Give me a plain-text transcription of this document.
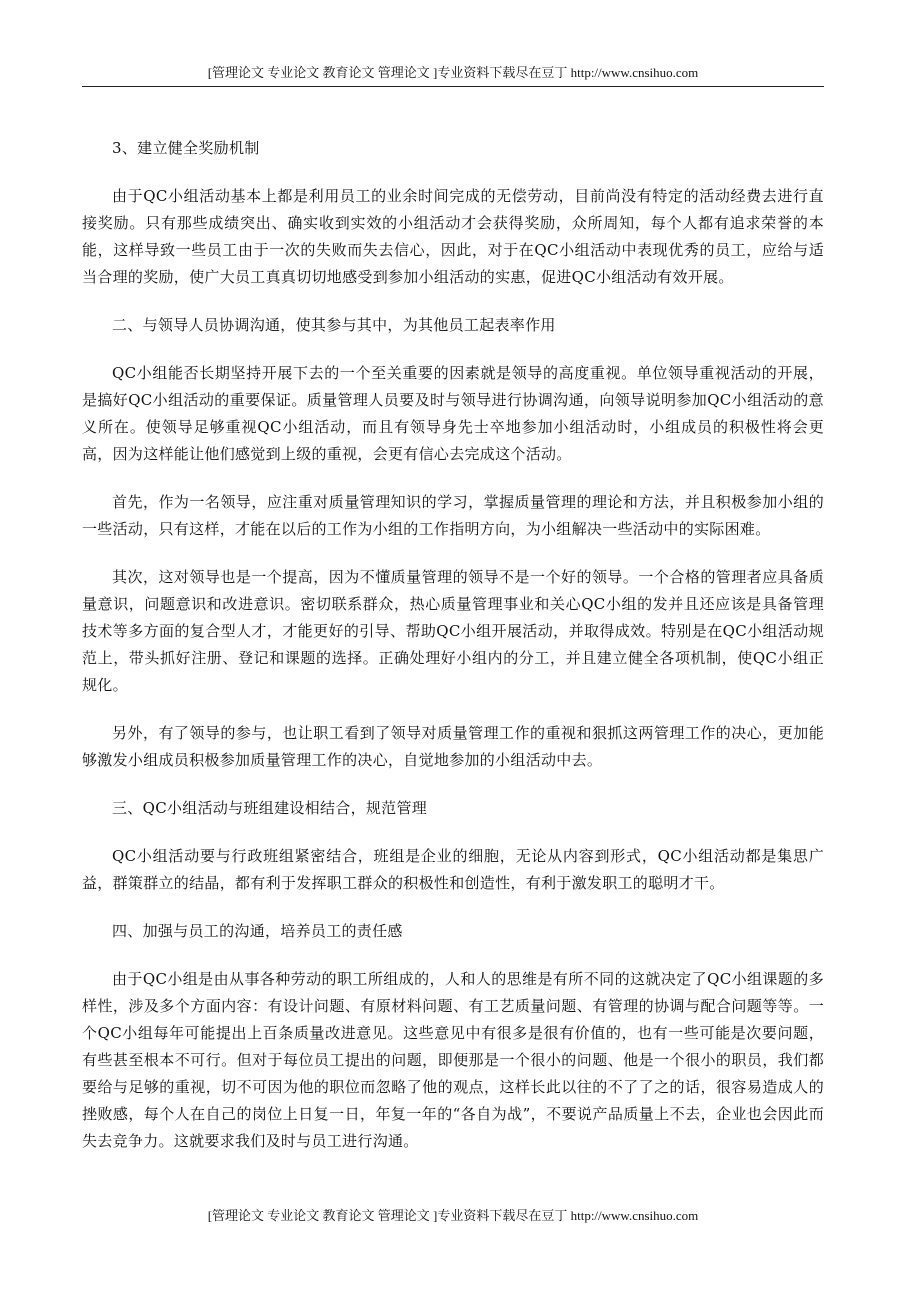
[管理论文 专业论文 教育论文 管理论文 ]专业资料下载尽在豆丁 http://www.cnsihuo.com

3、建立健全奖励机制

由于QC小组活动基本上都是利用员工的业余时间完成的无偿劳动，目前尚没有特定的活动经费去进行直接奖励。只有那些成绩突出、确实收到实效的小组活动才会获得奖励，众所周知，每个人都有追求荣誉的本能，这样导致一些员工由于一次的失败而失去信心，因此，对于在QC小组活动中表现优秀的员工，应给与适当合理的奖励，使广大员工真真切切地感受到参加小组活动的实惠，促进QC小组活动有效开展。

二、与领导人员协调沟通，使其参与其中，为其他员工起表率作用

QC小组能否长期坚持开展下去的一个至关重要的因素就是领导的高度重视。单位领导重视活动的开展，是搞好QC小组活动的重要保证。质量管理人员要及时与领导进行协调沟通，向领导说明参加QC小组活动的意义所在。使领导足够重视QC小组活动，而且有领导身先士卒地参加小组活动时，小组成员的积极性将会更高，因为这样能让他们感觉到上级的重视，会更有信心去完成这个活动。

首先，作为一名领导，应注重对质量管理知识的学习，掌握质量管理的理论和方法，并且积极参加小组的一些活动，只有这样，才能在以后的工作为小组的工作指明方向，为小组解决一些活动中的实际困难。

其次，这对领导也是一个提高，因为不懂质量管理的领导不是一个好的领导。一个合格的管理者应具备质量意识，问题意识和改进意识。密切联系群众，热心质量管理事业和关心QC小组的发并且还应该是具备管理技术等多方面的复合型人才，才能更好的引导、帮助QC小组开展活动，并取得成效。特别是在QC小组活动规范上，带头抓好注册、登记和课题的选择。正确处理好小组内的分工，并且建立健全各项机制，使QC小组正规化。

另外，有了领导的参与，也让职工看到了领导对质量管理工作的重视和狠抓这两管理工作的决心，更加能够激发小组成员积极参加质量管理工作的决心，自觉地参加的小组活动中去。

三、QC小组活动与班组建设相结合，规范管理

QC小组活动要与行政班组紧密结合，班组是企业的细胞，无论从内容到形式，QC小组活动都是集思广益，群策群立的结晶，都有利于发挥职工群众的积极性和创造性，有利于激发职工的聪明才干。

四、加强与员工的沟通，培养员工的责任感

由于QC小组是由从事各种劳动的职工所组成的，人和人的思维是有所不同的这就决定了QC小组课题的多样性，涉及多个方面内容：有设计问题、有原材料问题、有工艺质量问题、有管理的协调与配合问题等等。一个QC小组每年可能提出上百条质量改进意见。这些意见中有很多是很有价值的，也有一些可能是次要问题，有些甚至根本不可行。但对于每位员工提出的问题，即便那是一个很小的问题、他是一个很小的职员，我们都要给与足够的重视，切不可因为他的职位而忽略了他的观点，这样长此以往的不了了之的话，很容易造成人的挫败感，每个人在自己的岗位上日复一日，年复一年的“各自为战”，不要说产品质量上不去，企业也会因此而失去竞争力。这就要求我们及时与员工进行沟通。

[管理论文 专业论文 教育论文 管理论文 ]专业资料下载尽在豆丁 http://www.cnsihuo.com
